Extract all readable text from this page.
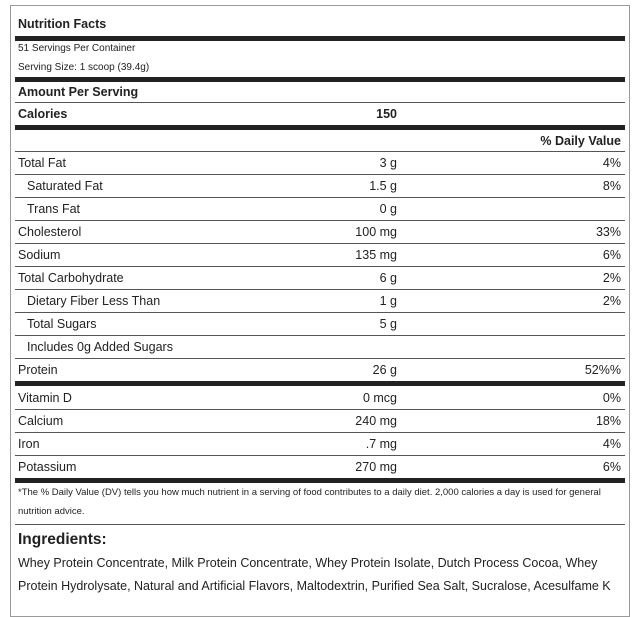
Nutrition Facts
51 Servings Per Container
Serving Size: 1 scoop (39.4g)
Amount Per Serving
Calories	150
% Daily Value
Total Fat	3 g	4%
Saturated Fat	1.5 g	8%
Trans Fat	0 g
Cholesterol	100 mg	33%
Sodium	135 mg	6%
Total Carbohydrate	6 g	2%
Dietary Fiber Less Than	1 g	2%
Total Sugars	5 g
Includes 0g Added Sugars
Protein	26 g	52%%
Vitamin D	0 mcg	0%
Calcium	240 mg	18%
Iron	.7 mg	4%
Potassium	270 mg	6%
*The % Daily Value (DV) tells you how much nutrient in a serving of food contributes to a daily diet. 2,000 calories a day is used for general nutrition advice.
Ingredients:
Whey Protein Concentrate, Milk Protein Concentrate, Whey Protein Isolate, Dutch Process Cocoa, Whey Protein Hydrolysate, Natural and Artificial Flavors, Maltodextrin, Purified Sea Salt, Sucralose, Acesulfame K
